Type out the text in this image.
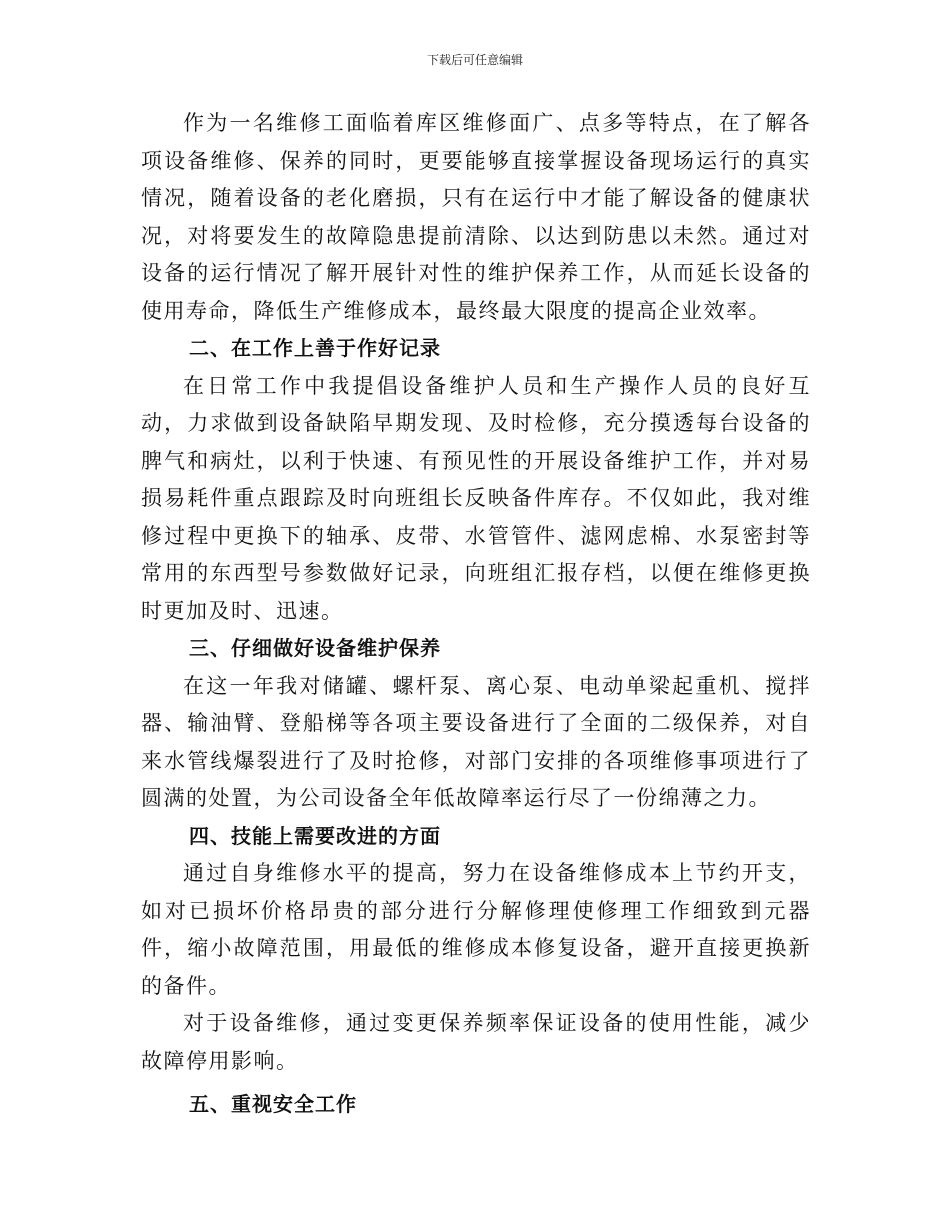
下载后可任意编辑

作为一名维修工面临着库区维修面广、点多等特点，在了解各项设备维修、保养的同时，更要能够直接掌握设备现场运行的真实情况，随着设备的老化磨损，只有在运行中才能了解设备的健康状况，对将要发生的故障隐患提前清除、以达到防患以未然。通过对设备的运行情况了解开展针对性的维护保养工作，从而延长设备的使用寿命，降低生产维修成本，最终最大限度的提高企业效率。

二、在工作上善于作好记录

在日常工作中我提倡设备维护人员和生产操作人员的良好互动，力求做到设备缺陷早期发现、及时检修，充分摸透每台设备的脾气和病灶，以利于快速、有预见性的开展设备维护工作，并对易损易耗件重点跟踪及时向班组长反映备件库存。不仅如此，我对维修过程中更换下的轴承、皮带、水管管件、滤网虑棉、水泵密封等常用的东西型号参数做好记录，向班组汇报存档，以便在维修更换时更加及时、迅速。

三、仔细做好设备维护保养

在这一年我对储罐、螺杆泵、离心泵、电动单梁起重机、搅拌器、输油臂、登船梯等各项主要设备进行了全面的二级保养，对自来水管线爆裂进行了及时抢修，对部门安排的各项维修事项进行了圆满的处置，为公司设备全年低故障率运行尽了一份绵薄之力。

四、技能上需要改进的方面

通过自身维修水平的提高，努力在设备维修成本上节约开支，如对已损坏价格昂贵的部分进行分解修理使修理工作细致到元器件，缩小故障范围，用最低的维修成本修复设备，避开直接更换新的备件。

对于设备维修，通过变更保养频率保证设备的使用性能，减少故障停用影响。

五、重视安全工作
